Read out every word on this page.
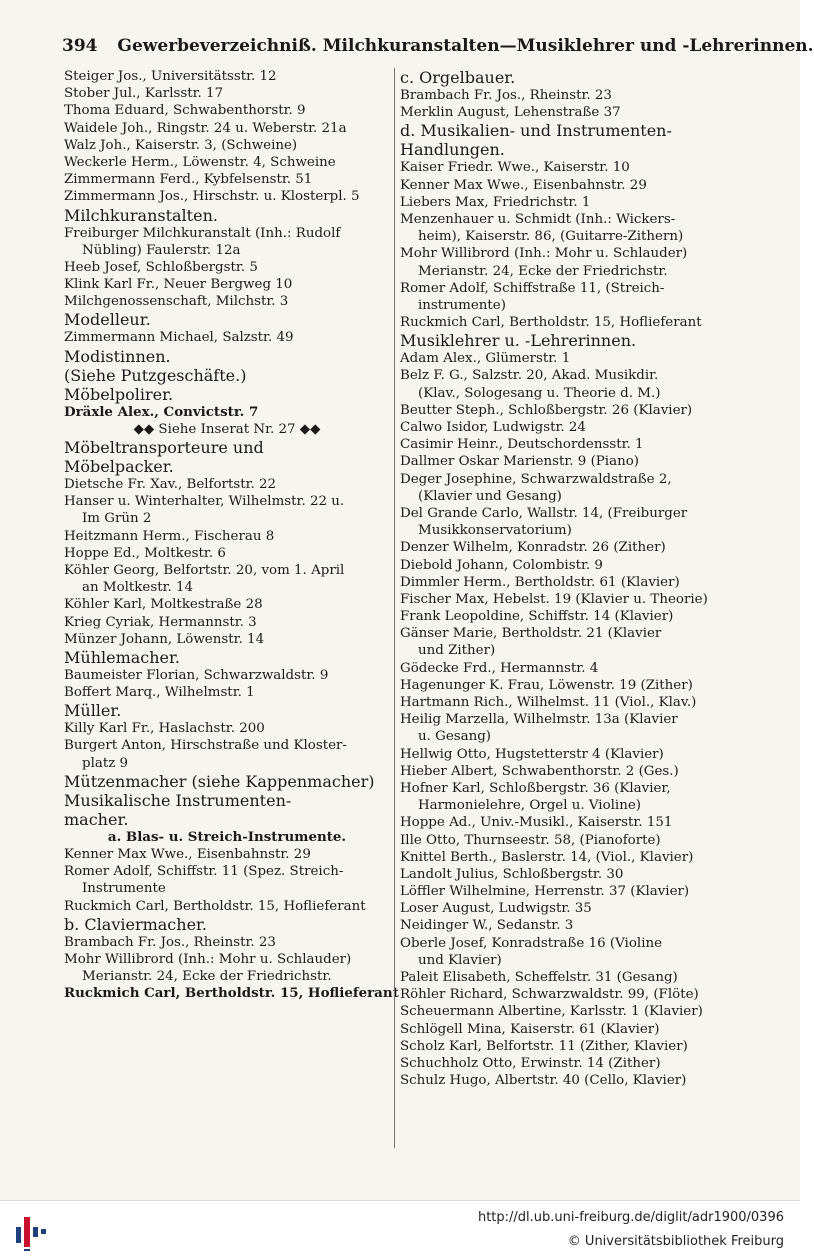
394 Gewerbeverzeichniß. Milchkuranstalten—Musiklehrer und -Lehrerinnen.
Steiger Jos., Universitätsstr. 12
Stober Jul., Karlsstr. 17
Thoma Eduard, Schwabenthorstr. 9
Waidele Joh., Ringstr. 24 u. Weberstr. 21a
Walz Joh., Kaiserstr. 3, (Schweine)
Weckerle Herm., Löwenstr. 4, Schweine
Zimmermann Ferd., Kybfelsenstr. 51
Zimmermann Jos., Hirschstr. u. Klosterpl. 5
Milchkuranstalten.
Freiburger Milchkuranstalt (Inh.: Rudolf
Nübling) Faulerstr. 12a
Heeb Josef, Schloßbergstr. 5
Klink Karl Fr., Neuer Bergweg 10
Milchgenossenschaft, Milchstr. 3
Modelleur.
Zimmermann Michael, Salzstr. 49
Modistinnen.
(Siehe Putzgeschäfte.)
Möbelpolirer.
Dräxle Alex., Convictstr. 7
◆◆ Siehe Inserat Nr. 27 ◆◆
Möbeltransporteure und
Möbelpacker.
Dietsche Fr. Xav., Belfortstr. 22
Hanser u. Winterhalter, Wilhelmstr. 22 u.
Im Grün 2
Heitzmann Herm., Fischerau 8
Hoppe Ed., Moltkestr. 6
Köhler Georg, Belfortstr. 20, vom 1. April
an Moltkestr. 14
Köhler Karl, Moltkestraße 28
Krieg Cyriak, Hermannstr. 3
Münzer Johann, Löwenstr. 14
Mühlemacher.
Baumeister Florian, Schwarzwaldstr. 9
Boffert Marq., Wilhelmstr. 1
Müller.
Killy Karl Fr., Haslachstr. 200
Burgert Anton, Hirschstraße und Kloster-
platz 9
Mützenmacher (siehe Kappenmacher)
Musikalische Instrumenten-
macher.
a. Blas- u. Streich-Instrumente.
Kenner Max Wwe., Eisenbahnstr. 29
Romer Adolf, Schiffstr. 11 (Spez. Streich-
Instrumente
Ruckmich Carl, Bertholdstr. 15, Hoflieferant
b. Claviermacher.
Brambach Fr. Jos., Rheinstr. 23
Mohr Willibrord (Inh.: Mohr u. Schlauder)
Merianstr. 24, Ecke der Friedrichstr.
Ruckmich Carl, Bertholdstr. 15, Hoflieferant
c. Orgelbauer.
Brambach Fr. Jos., Rheinstr. 23
Merklin August, Lehenstraße 37
d. Musikalien- und Instrumenten-
Handlungen.
Kaiser Friedr. Wwe., Kaiserstr. 10
Kenner Max Wwe., Eisenbahnstr. 29
Liebers Max, Friedrichstr. 1
Menzenhauer u. Schmidt (Inh.: Wickers-
heim), Kaiserstr. 86, (Guitarre-Zithern)
Mohr Willibrord (Inh.: Mohr u. Schlauder)
Merianstr. 24, Ecke der Friedrichstr.
Romer Adolf, Schiffstraße 11, (Streich-
instrumente)
Ruckmich Carl, Bertholdstr. 15, Hoflieferant
Musiklehrer u. -Lehrerinnen.
Adam Alex., Glümerstr. 1
Belz F. G., Salzstr. 20, Akad. Musikdir.
(Klav., Sologesang u. Theorie d. M.)
Beutter Steph., Schloßbergstr. 26 (Klavier)
Calwo Isidor, Ludwigstr. 24
Casimir Heinr., Deutschordensstr. 1
Dallmer Oskar Marienstr. 9 (Piano)
Deger Josephine, Schwarzwaldstraße 2,
(Klavier und Gesang)
Del Grande Carlo, Wallstr. 14, (Freiburger
Musikkonservatorium)
Denzer Wilhelm, Konradstr. 26 (Zither)
Diebold Johann, Colombistr. 9
Dimmler Herm., Bertholdstr. 61 (Klavier)
Fischer Max, Hebelst. 19 (Klavier u. Theorie)
Frank Leopoldine, Schiffstr. 14 (Klavier)
Gänser Marie, Bertholdstr. 21 (Klavier
und Zither)
Gödecke Frd., Hermannstr. 4
Hagenunger K. Frau, Löwenstr. 19 (Zither)
Hartmann Rich., Wilhelmst. 11 (Viol., Klav.)
Heilig Marzella, Wilhelmstr. 13a (Klavier
u. Gesang)
Hellwig Otto, Hugstetterstr 4 (Klavier)
Hieber Albert, Schwabenthorstr. 2 (Ges.)
Hofner Karl, Schloßbergstr. 36 (Klavier,
Harmonielehre, Orgel u. Violine)
Hoppe Ad., Univ.-Musikl., Kaiserstr. 151
Ille Otto, Thurnseestr. 58, (Pianoforte)
Knittel Berth., Baslerstr. 14, (Viol., Klavier)
Landolt Julius, Schloßbergstr. 30
Löffler Wilhelmine, Herrenstr. 37 (Klavier)
Loser August, Ludwigstr. 35
Neidinger W., Sedanstr. 3
Oberle Josef, Konradstraße 16 (Violine
und Klavier)
Paleit Elisabeth, Scheffelstr. 31 (Gesang)
Röhler Richard, Schwarzwaldstr. 99, (Flöte)
Scheuermann Albertine, Karlsstr. 1 (Klavier)
Schlögell Mina, Kaiserstr. 61 (Klavier)
Scholz Karl, Belfortstr. 11 (Zither, Klavier)
Schuchholz Otto, Erwinstr. 14 (Zither)
Schulz Hugo, Albertstr. 40 (Cello, Klavier)
http://dl.ub.uni-freiburg.de/diglit/adr1900/0396
© Universitätsbibliothek Freiburg
